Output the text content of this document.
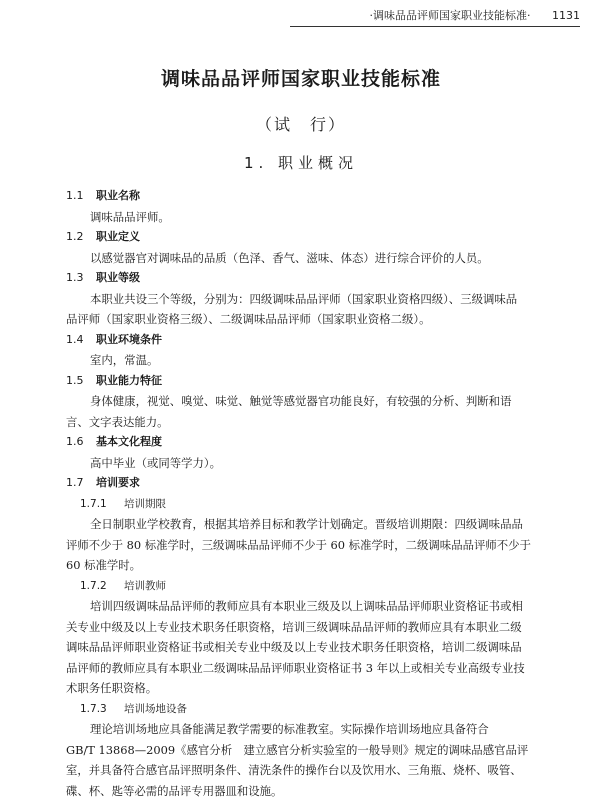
·调味品品评师国家职业技能标准· 1131
调味品品评师国家职业技能标准
（试　行）
1. 职业概况
1.1 职业名称
调味品品评师。
1.2 职业定义
以感觉器官对调味品的品质（色泽、香气、滋味、体态）进行综合评价的人员。
1.3 职业等级
本职业共设三个等级，分别为：四级调味品品评师（国家职业资格四级）、三级调味品
品评师（国家职业资格三级）、二级调味品品评师（国家职业资格二级）。
1.4 职业环境条件
室内，常温。
1.5 职业能力特征
身体健康，视觉、嗅觉、味觉、触觉等感觉器官功能良好，有较强的分析、判断和语
言、文字表达能力。
1.6 基本文化程度
高中毕业（或同等学力）。
1.7 培训要求
1.7.1 培训期限
全日制职业学校教育，根据其培养目标和教学计划确定。晋级培训期限：四级调味品品
评师不少于 80 标准学时，三级调味品品评师不少于 60 标准学时，二级调味品品评师不少于
60 标准学时。
1.7.2 培训教师
培训四级调味品品评师的教师应具有本职业三级及以上调味品品评师职业资格证书或相
关专业中级及以上专业技术职务任职资格，培训三级调味品品评师的教师应具有本职业二级
调味品品评师职业资格证书或相关专业中级及以上专业技术职务任职资格，培训二级调味品
品评师的教师应具有本职业二级调味品品评师职业资格证书 3 年以上或相关专业高级专业技
术职务任职资格。
1.7.3 培训场地设备
理论培训场地应具备能满足教学需要的标准教室。实际操作培训场地应具备符合
GB/T 13868—2009《感官分析　建立感官分析实验室的一般导则》规定的调味品感官品评
室，并具备符合感官品评照明条件、清洗条件的操作台以及饮用水、三角瓶、烧杯、吸管、
碟、杯、匙等必需的品评专用器皿和设施。
